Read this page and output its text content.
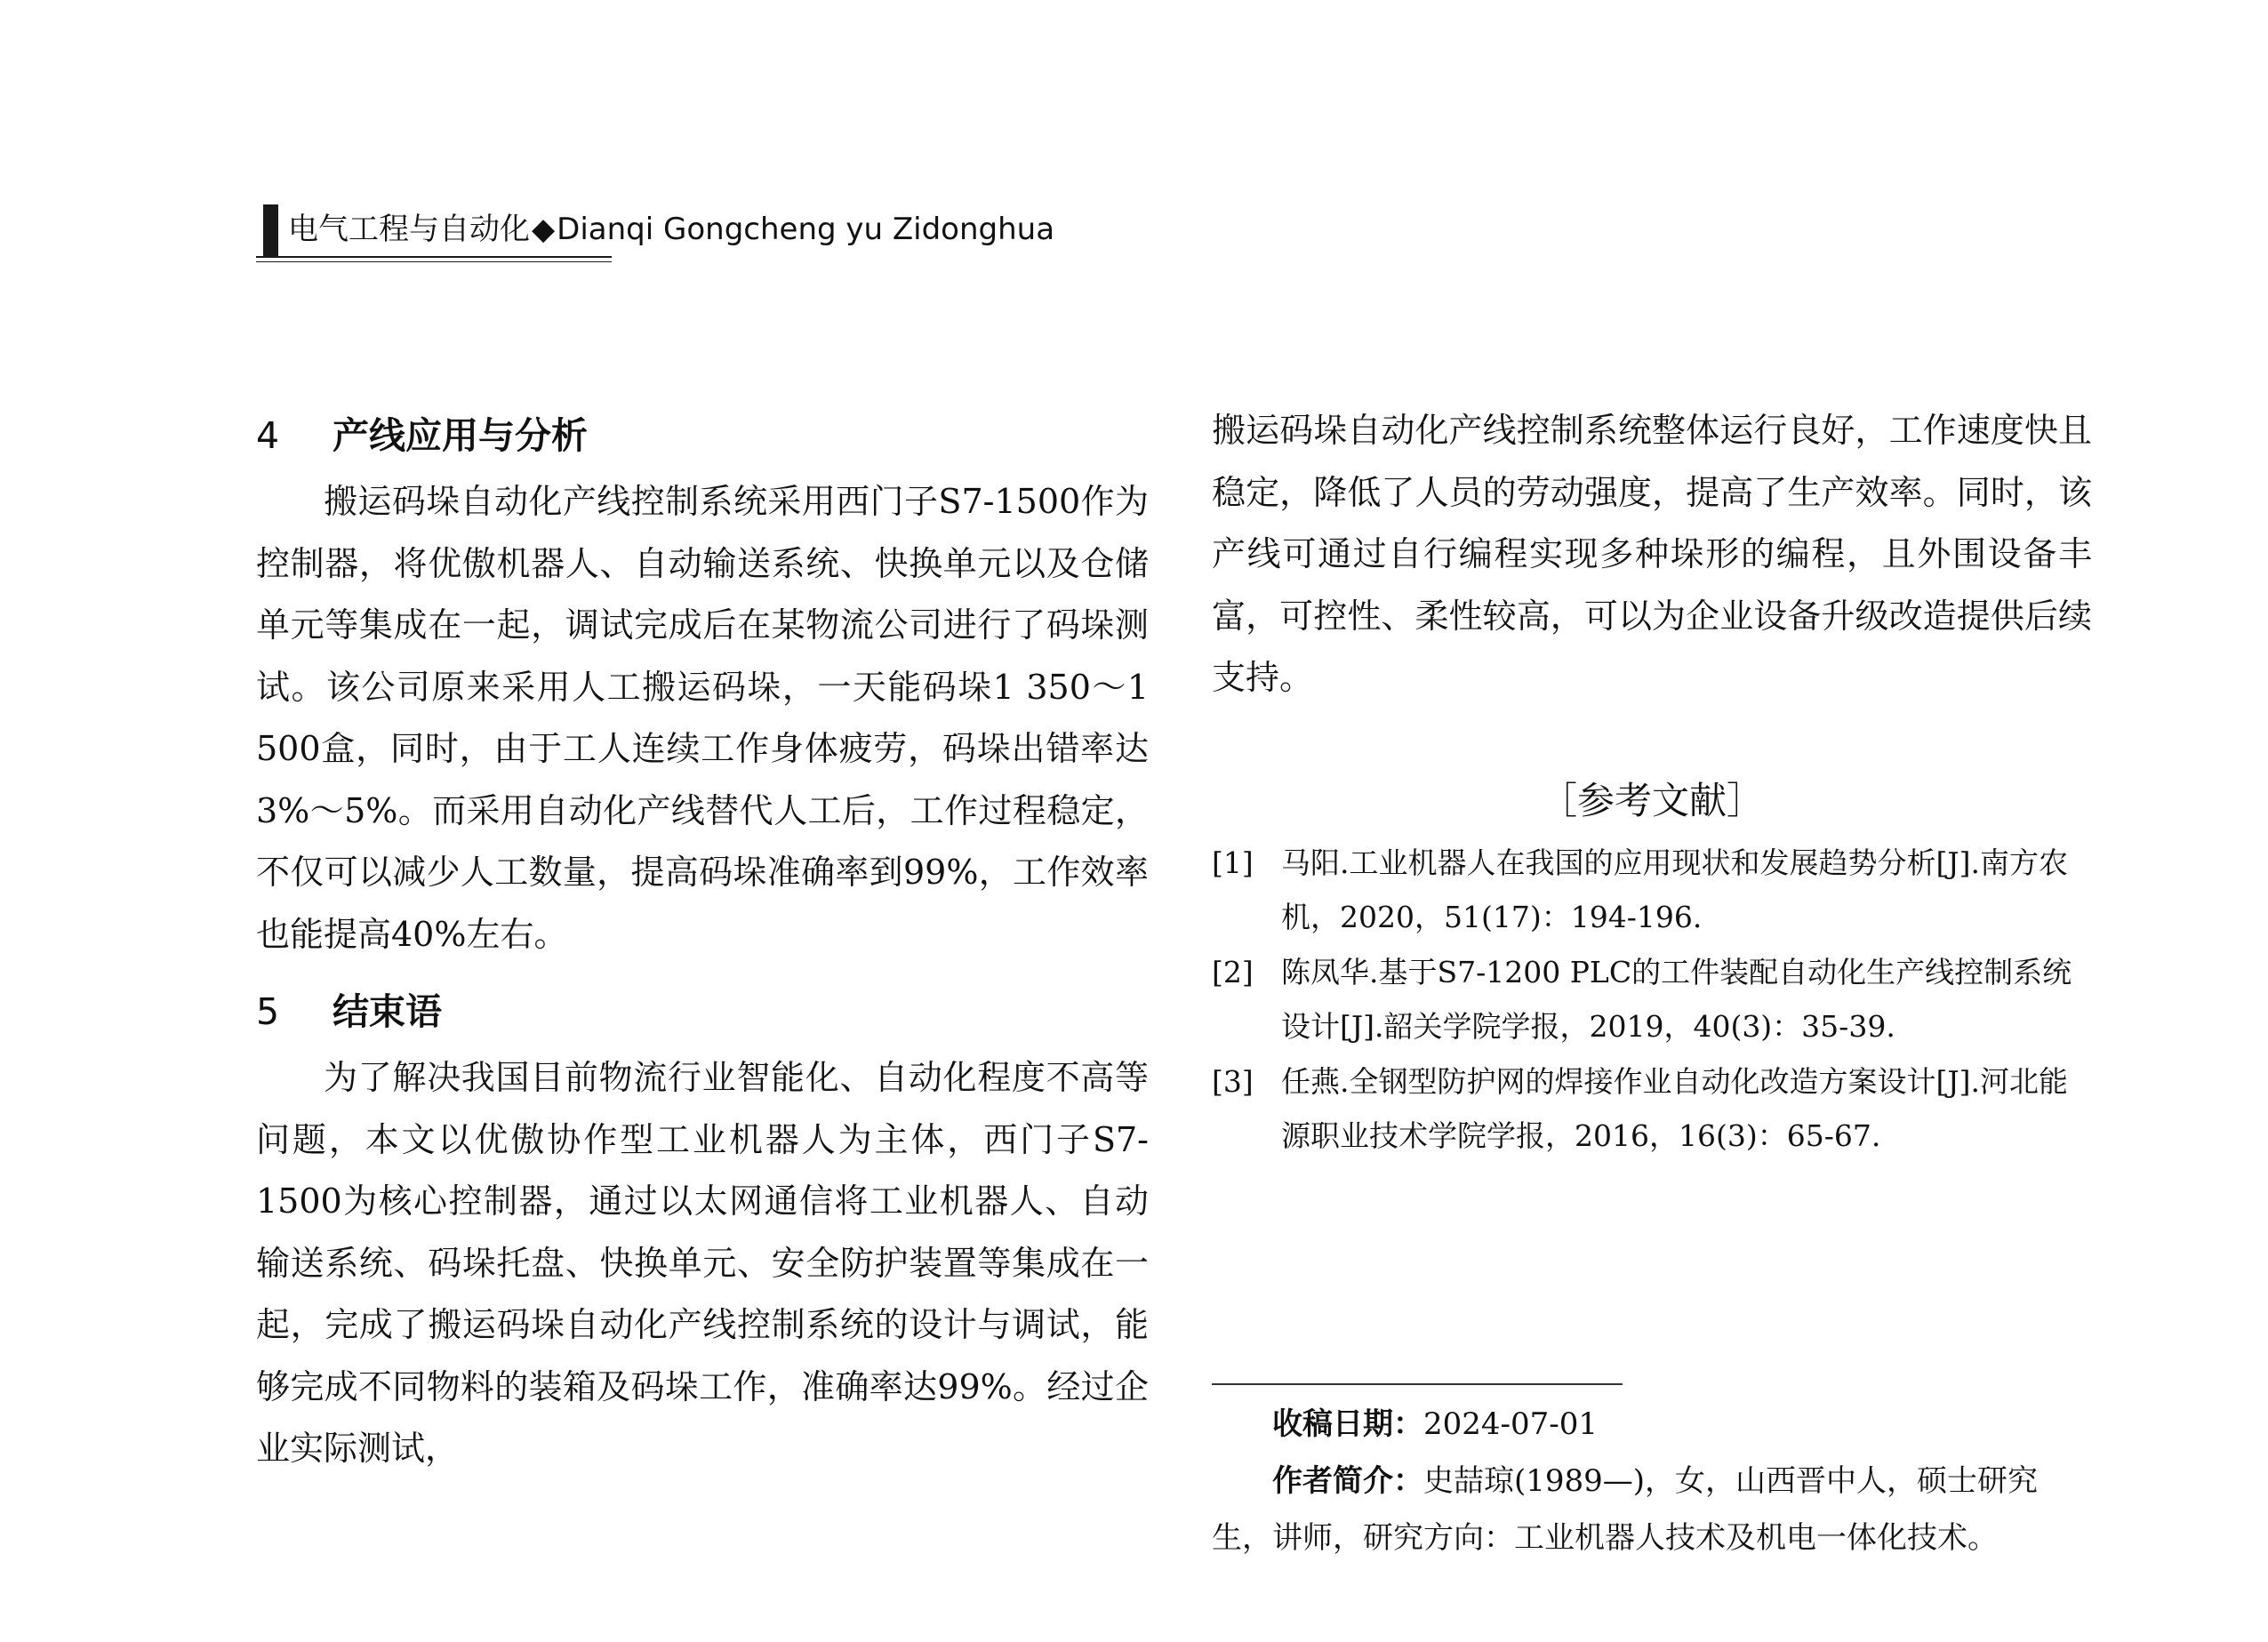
电气工程与自动化◆Dianqi Gongcheng yu Zidonghua
4 产线应用与分析

搬运码垛自动化产线控制系统采用西门子S7-1500作为控制器，将优傲机器人、自动输送系统、快换单元以及仓储单元等集成在一起，调试完成后在某物流公司进行了码垛测试。该公司原来采用人工搬运码垛，一天能码垛1 350～1 500盒，同时，由于工人连续工作身体疲劳，码垛出错率达3%～5%。而采用自动化产线替代人工后，工作过程稳定，不仅可以减少人工数量，提高码垛准确率到99%，工作效率也能提高40%左右。

5 结束语

为了解决我国目前物流行业智能化、自动化程度不高等问题，本文以优傲协作型工业机器人为主体，西门子S7-1500为核心控制器，通过以太网通信将工业机器人、自动输送系统、码垛托盘、快换单元、安全防护装置等集成在一起，完成了搬运码垛自动化产线控制系统的设计与调试，能够完成不同物料的装箱及码垛工作，准确率达99%。经过企业实际测试，

搬运码垛自动化产线控制系统整体运行良好，工作速度快且稳定，降低了人员的劳动强度，提高了生产效率。同时，该产线可通过自行编程实现多种垛形的编程，且外围设备丰富，可控性、柔性较高，可以为企业设备升级改造提供后续支持。

［参考文献］
[1] 马阳.工业机器人在我国的应用现状和发展趋势分析[J].南方农机，2020，51(17)：194-196.
[2] 陈凤华.基于S7-1200 PLC的工件装配自动化生产线控制系统设计[J].韶关学院学报，2019，40(3)：35-39.
[3] 任燕.全钢型防护网的焊接作业自动化改造方案设计[J].河北能源职业技术学院学报，2016，16(3)：65-67.
收稿日期：2024-07-01
作者简介：史喆琼(1989—)，女，山西晋中人，硕士研究生，讲师，研究方向：工业机器人技术及机电一体化技术。
